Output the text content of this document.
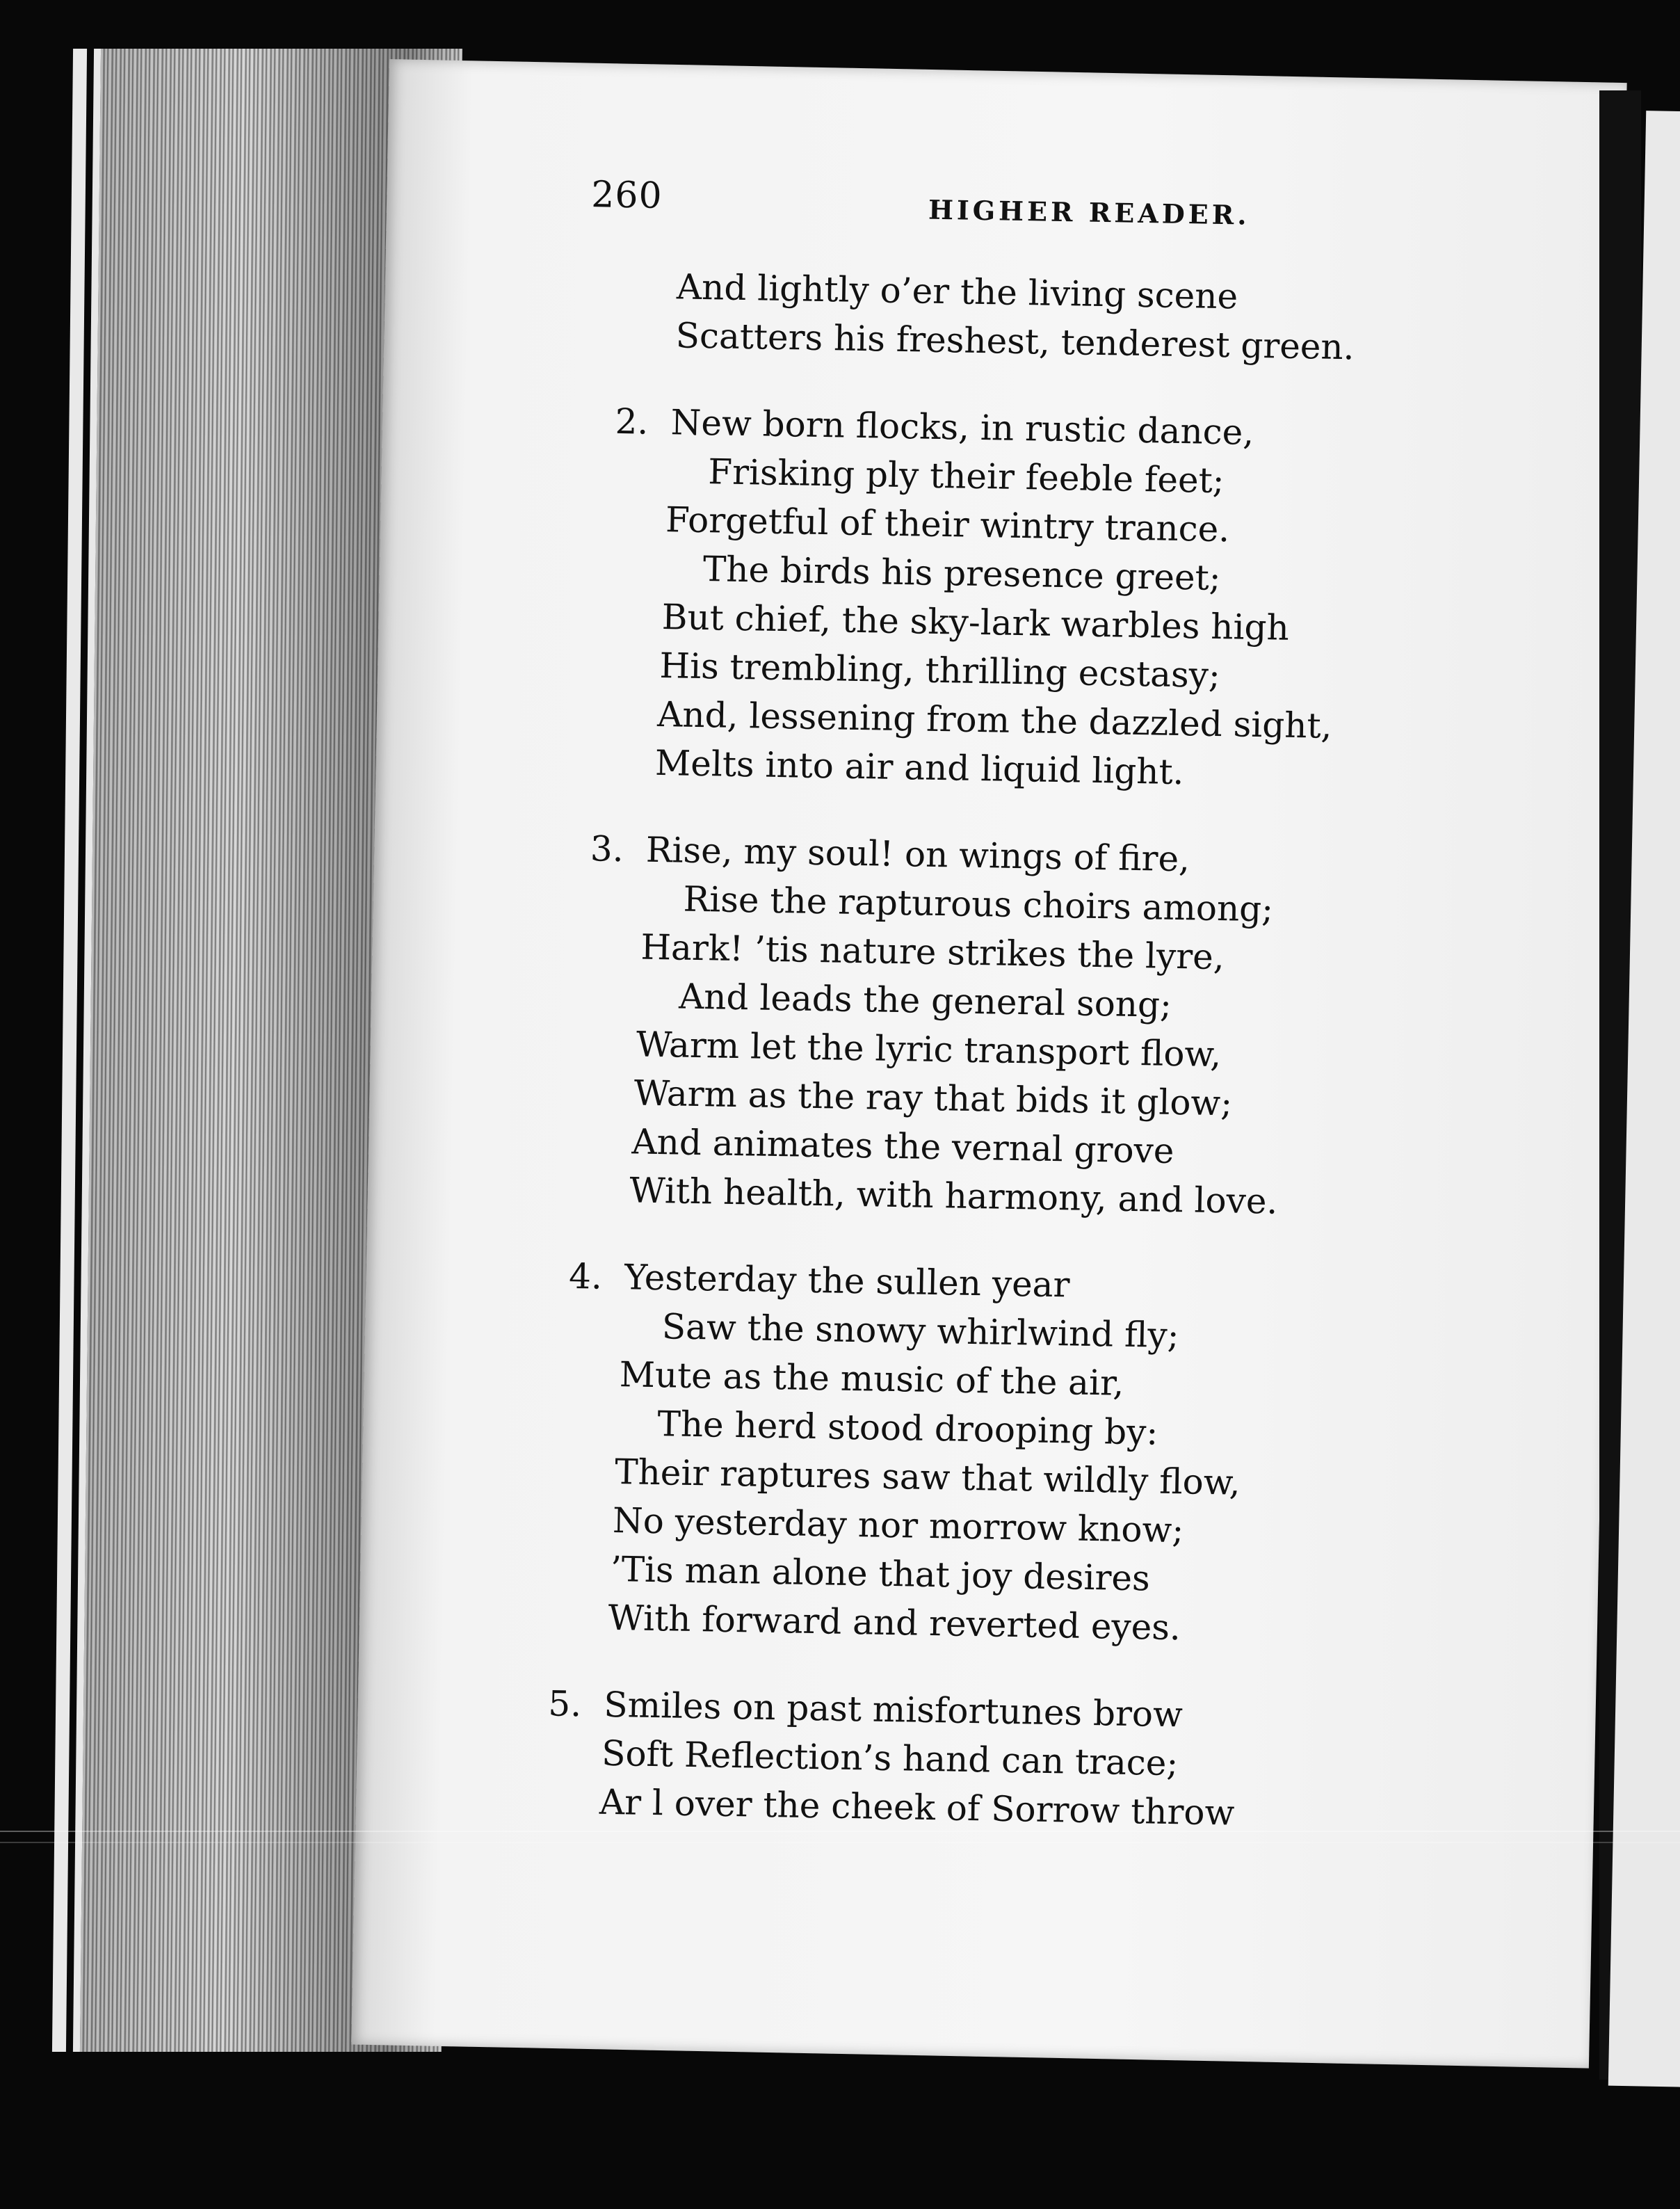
260	HIGHER READER.
And lightly o’er the living scene
Scatters his freshest, tenderest green.
2. New born flocks, in rustic dance,
Frisking ply their feeble feet;
Forgetful of their wintry trance.
The birds his presence greet;
But chief, the sky-lark warbles high
His trembling, thrilling ecstasy;
And, lessening from the dazzled sight,
Melts into air and liquid light.
3. Rise, my soul! on wings of fire,
Rise the rapturous choirs among;
Hark! ’tis nature strikes the lyre,
And leads the general song;
Warm let the lyric transport flow,
Warm as the ray that bids it glow;
And animates the vernal grove
With health, with harmony, and love.
4. Yesterday the sullen year
Saw the snowy whirlwind fly;
Mute as the music of the air,
The herd stood drooping by:
Their raptures saw that wildly flow,
No yesterday nor morrow know;
’Tis man alone that joy desires
With forward and reverted eyes.
5. Smiles on past misfortunes brow
Soft Reflection’s hand can trace;
Ar l over the cheek of Sorrow throw
